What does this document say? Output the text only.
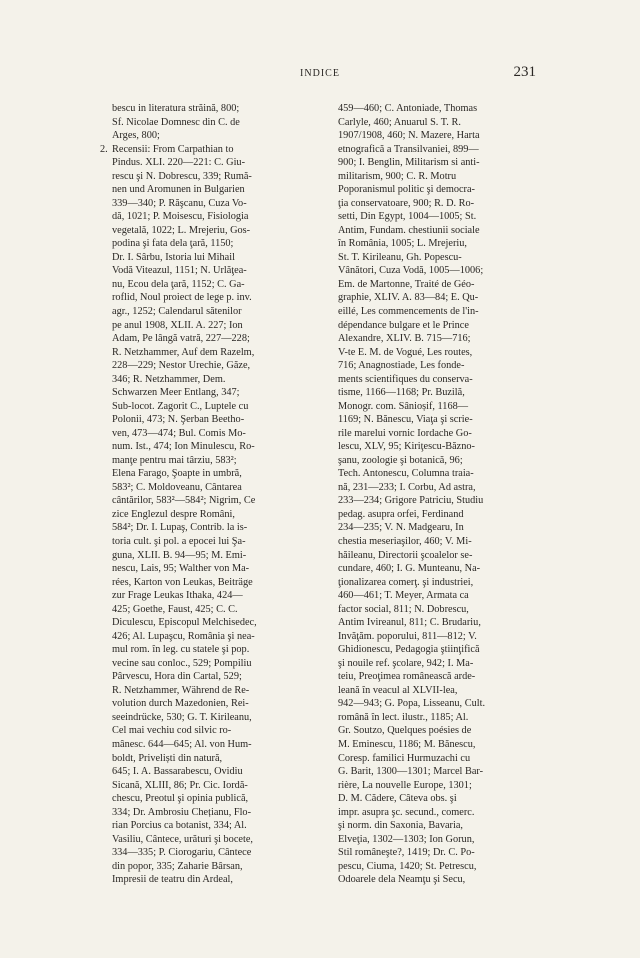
INDICE	231
2.
bescu in literatura străină, 800;
Sf. Nicolae Domnesc din C. de
Arges, 800;
Recensii: From Carpathian to
Pindus. XLI. 220—221: C. Giu-
rescu şi N. Dobrescu, 339; Rumă-
nen und Aromunen in Bulgarien
339—340; P. Răşcanu, Cuza Vo-
dă, 1021; P. Moisescu, Fisiologia
vegetală, 1022; L. Mrejeriu, Gos-
podina şi fata dela ţară, 1150;
Dr. I. Sârbu, Istoria lui Mihail
Vodă Viteazul, 1151; N. Urlăţea-
nu, Ecou dela ţară, 1152; C. Ga-
roflid, Noul proiect de lege p. inv.
agr., 1252; Calendarul sătenilor
pe anul 1908, XLII. A. 227; Ion
Adam, Pe lângă vatră, 227—228;
R. Netzhammer, Auf dem Razelm,
228—229; Nestor Urechie, Găze,
346; R. Netzhammer, Dem.
Schwarzen Meer Entlang, 347;
Sub-locot. Zagorit C., Luptele cu
Polonii, 473; N. Şerban Beetho-
ven, 473—474; Bul. Comis Mo-
num. Ist., 474; Ion Minulescu, Ro-
manţe pentru mai târziu, 583²;
Elena Farago, Şoapte in umbră,
583²; C. Moldoveanu, Cântarea
cântărilor, 583²—584²; Nigrim, Ce
zice Englezul despre Români,
584²; Dr. I. Lupaş, Contrib. la is-
toria cult. şi pol. a epocei lui Şa-
guna, XLII. B. 94—95; M. Emi-
nescu, Lais, 95; Walther von Ma-
rées, Karton von Leukas, Beiträge
zur Frage Leukas Ithaka, 424—
425; Goethe, Faust, 425; C. C.
Diculescu, Episcopul Melchisedec,
426; Al. Lupaşcu, România şi nea-
mul rom. în leg. cu statele şi pop.
vecine sau conloc., 529; Pompiliu
Pârvescu, Hora din Cartal, 529;
R. Netzhammer, Während de Re-
volution durch Mazedonien, Rei-
seeindrücke, 530; G. T. Kirileanu,
Cel mai vechiu cod silvic ro-
mânesc. 644—645; Al. von Hum-
boldt, Priveliști din natură,
645; I. A. Bassarabescu, Ovidiu
Sicană, XLIII, 86; Pr. Cic. Iordă-
chescu, Preotul şi opinia publică,
334; Dr. Ambrosiu Chețianu, Flo-
rian Porcius ca botanist, 334; Al.
Vasiliu, Cântece, urături şi bocete,
334—335; P. Ciorogariu, Cântece
din popor, 335; Zaharie Bârsan,
Impresii de teatru din Ardeal,
459—460; C. Antoniade, Thomas
Carlyle, 460; Anuarul S. T. R.
1907/1908, 460; N. Mazere, Harta
etnografică a Transilvaniei, 899—
900; I. Benglin, Militarism si anti-
militarism, 900; C. R. Motru
Poporanismul politic şi democra-
ţia conservatoare, 900; R. D. Ro-
setti, Din Egypt, 1004—1005; St.
Antim, Fundam. chestiunii sociale
în România, 1005; L. Mrejeriu,
St. T. Kirileanu, Gh. Popescu-
Vânători, Cuza Vodă, 1005—1006;
Em. de Martonne, Traité de Géo-
graphie, XLIV. A. 83—84; E. Qu-
eillé, Les commencements de l'in-
dépendance bulgare et le Prince
Alexandre, XLIV. B. 715—716;
V-te E. M. de Vogué, Les routes,
716; Anagnostiade, Les fonde-
ments scientifiques du conserva-
tisme, 1166—1168; Pr. Buzilă,
Monogr. com. Sânioșif, 1168—
1169; N. Bănescu, Viaţa şi scrie-
rile marelui vornic Iordache Go-
lescu, XLV, 95; Kiriţescu-Băzno-
şanu, zoologie şi botanică, 96;
Tech. Antonescu, Columna traia-
nă, 231—233; I. Corbu, Ad astra,
233—234; Grigore Patriciu, Studiu
pedag. asupra orfei, Ferdinand
234—235; V. N. Madgearu, In
chestia meseriaşilor, 460; V. Mi-
hăileanu, Directorii şcoalelor se-
cundare, 460; I. G. Munteanu, Na-
ţionalizarea comerţ. şi industriei,
460—461; T. Meyer, Armata ca
factor social, 811; N. Dobrescu,
Antim Ivireanul, 811; C. Brudariu,
Invăţăm. poporului, 811—812; V.
Ghidionescu, Pedagogia ştiinţifică
şi nouile ref. şcolare, 942; I. Ma-
teiu, Preoţimea românească arde-
leană în veacul al XLVII-lea,
942—943; G. Popa, Lisseanu, Cult.
română în lect. ilustr., 1185; Al.
Gr. Soutzo, Quelques poésies de
M. Eminescu, 1186; M. Bănescu,
Coresp. familici Hurmuzachi cu
G. Barit, 1300—1301; Marcel Bar-
rière, La nouvelle Europe, 1301;
D. M. Cădere, Câteva obs. şi
impr. asupra şc. secund., comerc.
şi norm. din Saxonia, Bavaria,
Elveţia, 1302—1303; Ion Gorun,
Stil româneşte?, 1419; Dr. C. Po-
pescu, Ciuma, 1420; St. Petrescu,
Odoarele dela Neamţu şi Secu,
